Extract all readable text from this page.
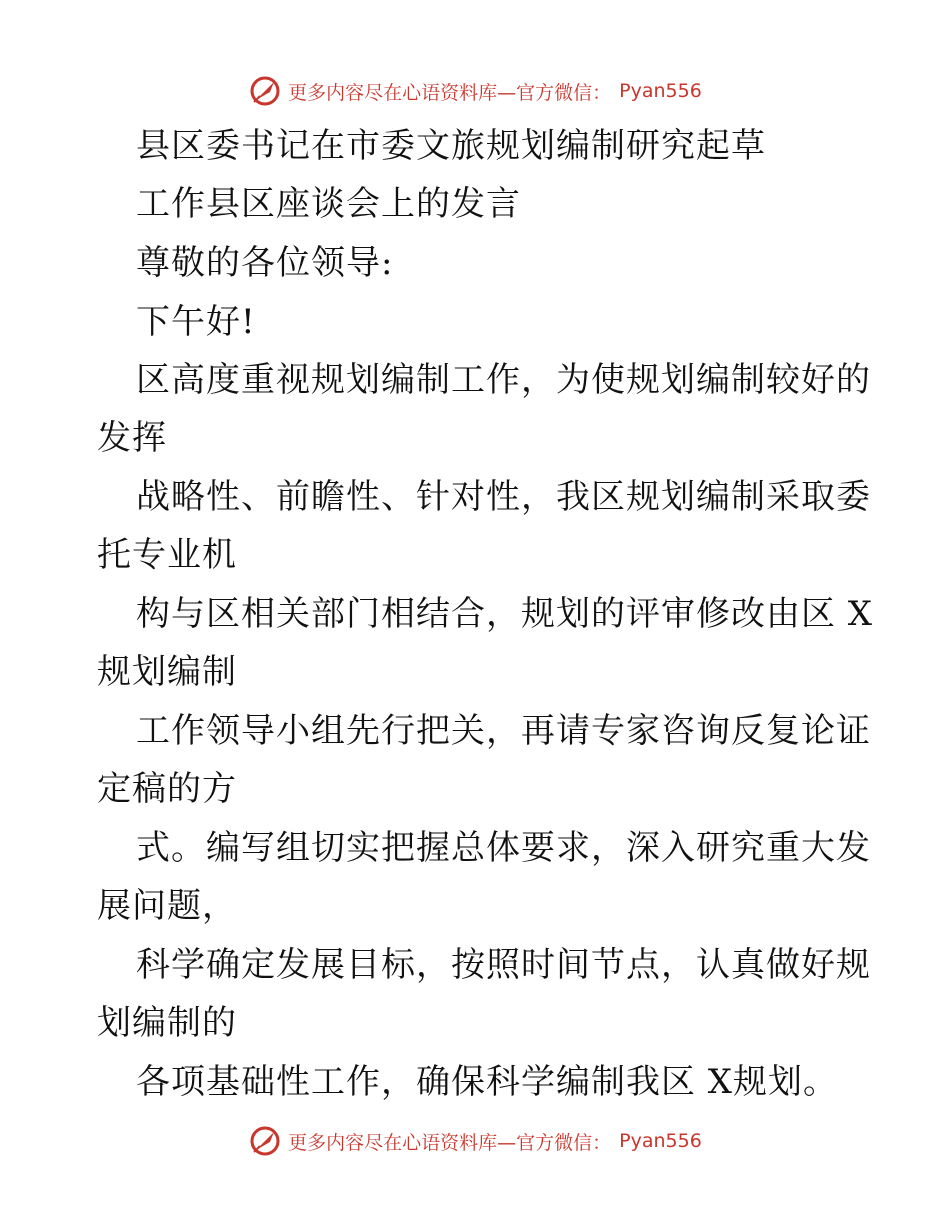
更多内容尽在心语资料库—官方微信： Pyan556
县区委书记在市委文旅规划编制研究起草
工作县区座谈会上的发言
尊敬的各位领导:
下午好!
区高度重视规划编制工作，为使规划编制较好的
发挥
战略性、前瞻性、针对性，我区规划编制采取委
托专业机
构与区相关部门相结合，规划的评审修改由区 X
规划编制
工作领导小组先行把关，再请专家咨询反复论证
定稿的方
式。编写组切实把握总体要求，深入研究重大发
展问题，
科学确定发展目标，按照时间节点，认真做好规
划编制的
各项基础性工作，确保科学编制我区 X规划。
更多内容尽在心语资料库—官方微信： Pyan556
